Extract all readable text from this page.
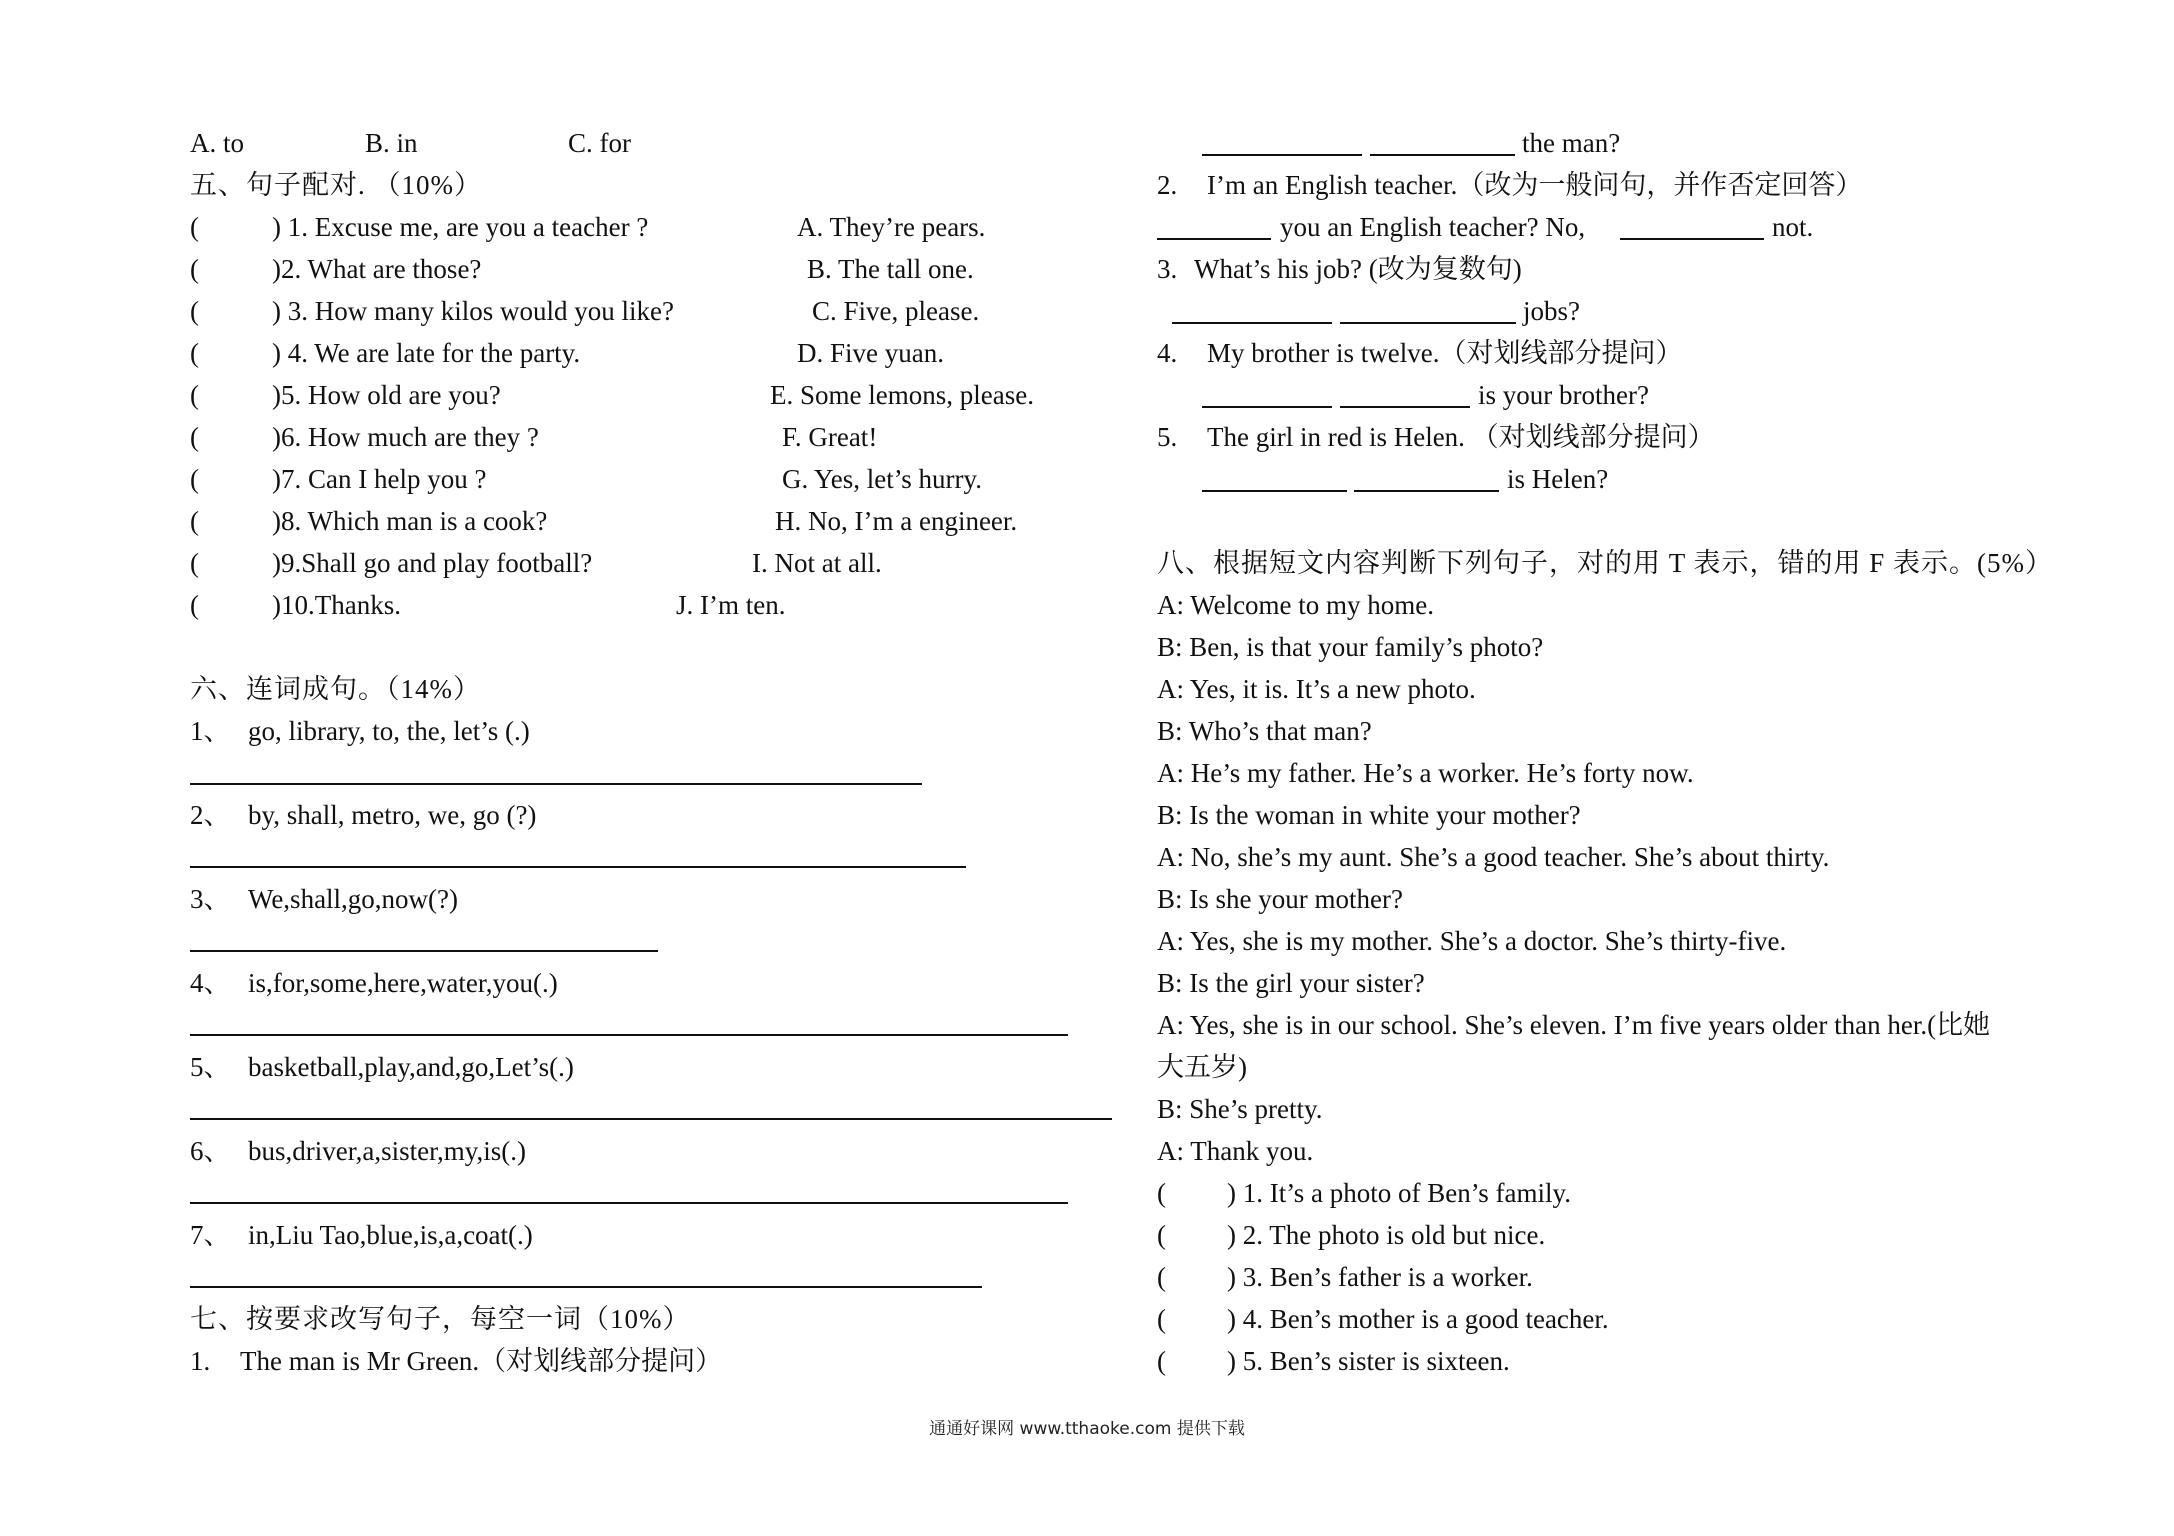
A. to	B. in	C. for
五、句子配对. （10%）
(	) 1. Excuse me, are you a teacher ?	A. They’re pears.
(	)2. What are those?	B. The tall one.
(	) 3. How many kilos would you like?	C. Five, please.
(	) 4. We are late for the party.	D. Five yuan.
(	)5. How old are you?	E. Some lemons, please.
(	)6. How much are they ?	F. Great!
(	)7. Can I help you ?	G. Yes, let’s hurry.
(	)8. Which man is a cook?	H. No, I’m a engineer.
(	)9.Shall go and play football?	I. Not at all.
(	)10.Thanks.	J. I’m ten.
六、连词成句。（14%）
1、 go, library, to, the, let’s (.)
2、 by, shall, metro, we, go (?)
3、 We,shall,go,now(?)
4、 is,for,some,here,water,you(.)
5、 basketball,play,and,go,Let’s(.)
6、 bus,driver,a,sister,my,is(.)
7、 in,Liu Tao,blue,is,a,coat(.)
七、按要求改写句子，每空一词（10%）
1. The man is Mr Green.（对划线部分提问）
the man?
2. I’m an English teacher.（改为一般问句，并作否定回答）
you an English teacher? No,	not.
3. What’s his job? (改为复数句)
jobs?
4. My brother is twelve.（对划线部分提问）
is your brother?
5. The girl in red is Helen. （对划线部分提问）
is Helen?
八、根据短文内容判断下列句子，对的用 T 表示，错的用 F 表示。(5%）
A: Welcome to my home.
B: Ben, is that your family’s photo?
A: Yes, it is. It’s a new photo.
B: Who’s that man?
A: He’s my father. He’s a worker. He’s forty now.
B: Is the woman in white your mother?
A: No, she’s my aunt. She’s a good teacher. She’s about thirty.
B: Is she your mother?
A: Yes, she is my mother. She’s a doctor. She’s thirty-five.
B: Is the girl your sister?
A: Yes, she is in our school. She’s eleven. I’m five years older than her.(比她
大五岁)
B: She’s pretty.
A: Thank you.
( ) 1. It’s a photo of Ben’s family.
( ) 2. The photo is old but nice.
( ) 3. Ben’s father is a worker.
( ) 4. Ben’s mother is a good teacher.
( ) 5. Ben’s sister is sixteen.
通通好课网 www.tthaoke.com 提供下载
